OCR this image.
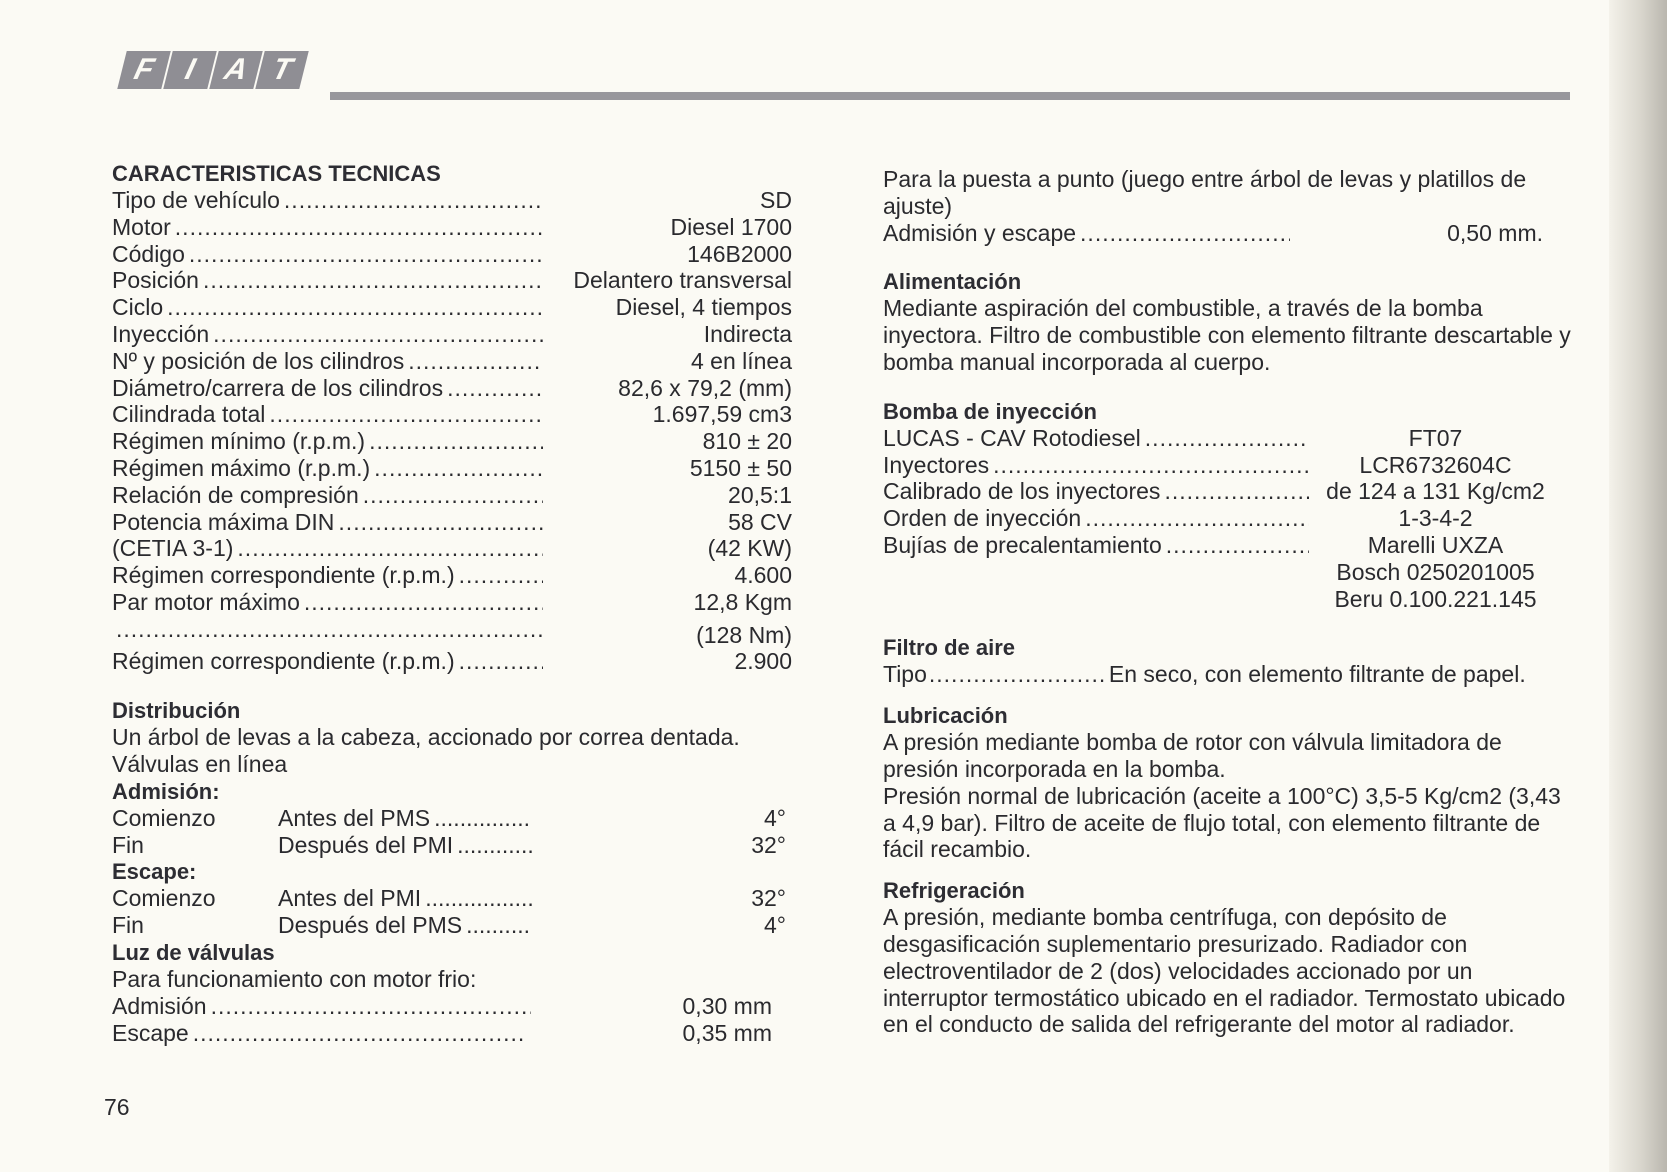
F I A T
CARACTERISTICAS TECNICAS
Tipo de vehículo .....	SD
Motor .....	Diesel 1700
Código .....	146B2000
Posición .....	Delantero transversal
Ciclo .....	Diesel, 4 tiempos
Inyección .....	Indirecta
Nº y posición de los cilindros .....	4 en línea
Diámetro/carrera de los cilindros .....	82,6 x 79,2 (mm)
Cilindrada total .....	1.697,59 cm3
Régimen mínimo (r.p.m.) .....	810 ± 20
Régimen máximo (r.p.m.) .....	5150 ± 50
Relación de compresión .....	20,5:1
Potencia máxima DIN .....	58 CV
(CETIA 3-1) .....	(42 KW)
Régimen correspondiente (r.p.m.) .....	4.600
Par motor máximo .....	12,8 Kgm
.....
(128 Nm)
Régimen correspondiente (r.p.m.) .....	2.900
Distribución

Un árbol de levas a la cabeza, accionado por correa dentada.

Válvulas en línea

Admisión:
Comienzo	Antes del PMS .....	4°
Fin	Después del PMI .....	32°
Escape:
Comienzo	Antes del PMI .....	32°
Fin	Después del PMS .....	4°
Luz de válvulas

Para funcionamiento con motor frio:

Admisión .....	0,30 mm
Escape .....	0,35 mm

Para la puesta a punto (juego entre árbol de levas y platillos de ajuste)

Admisión y escape .....	0,50 mm.
Alimentación

Mediante aspiración del combustible, a través de la bomba inyectora. Filtro de combustible con elemento filtrante descartable y bomba manual incorporada al cuerpo.

Bomba de inyección
LUCAS - CAV Rotodiesel .....	FT07
Inyectores .....	LCR6732604C
Calibrado de los inyectores .....	de 124 a 131 Kg/cm2
Orden de inyección .....	1-3-4-2
Bujías de precalentamiento .....	Marelli UXZA
Bosch 0250201005
Beru 0.100.221.145
Filtro de aire
Tipo .....	En seco, con elemento filtrante de papel.
Lubricación

A presión mediante bomba de rotor con válvula limitadora de presión incorporada en la bomba.

Presión normal de lubricación (aceite a 100°C) 3,5-5 Kg/cm2 (3,43 a 4,9 bar). Filtro de aceite de flujo total, con elemento filtrante de fácil recambio.

Refrigeración

A presión, mediante bomba centrífuga, con depósito de desgasificación suplementario presurizado. Radiador con electroventilador de 2 (dos) velocidades accionado por un interruptor termostático ubicado en el radiador. Termostato ubicado en el conducto de salida del refrigerante del motor al radiador.

76
